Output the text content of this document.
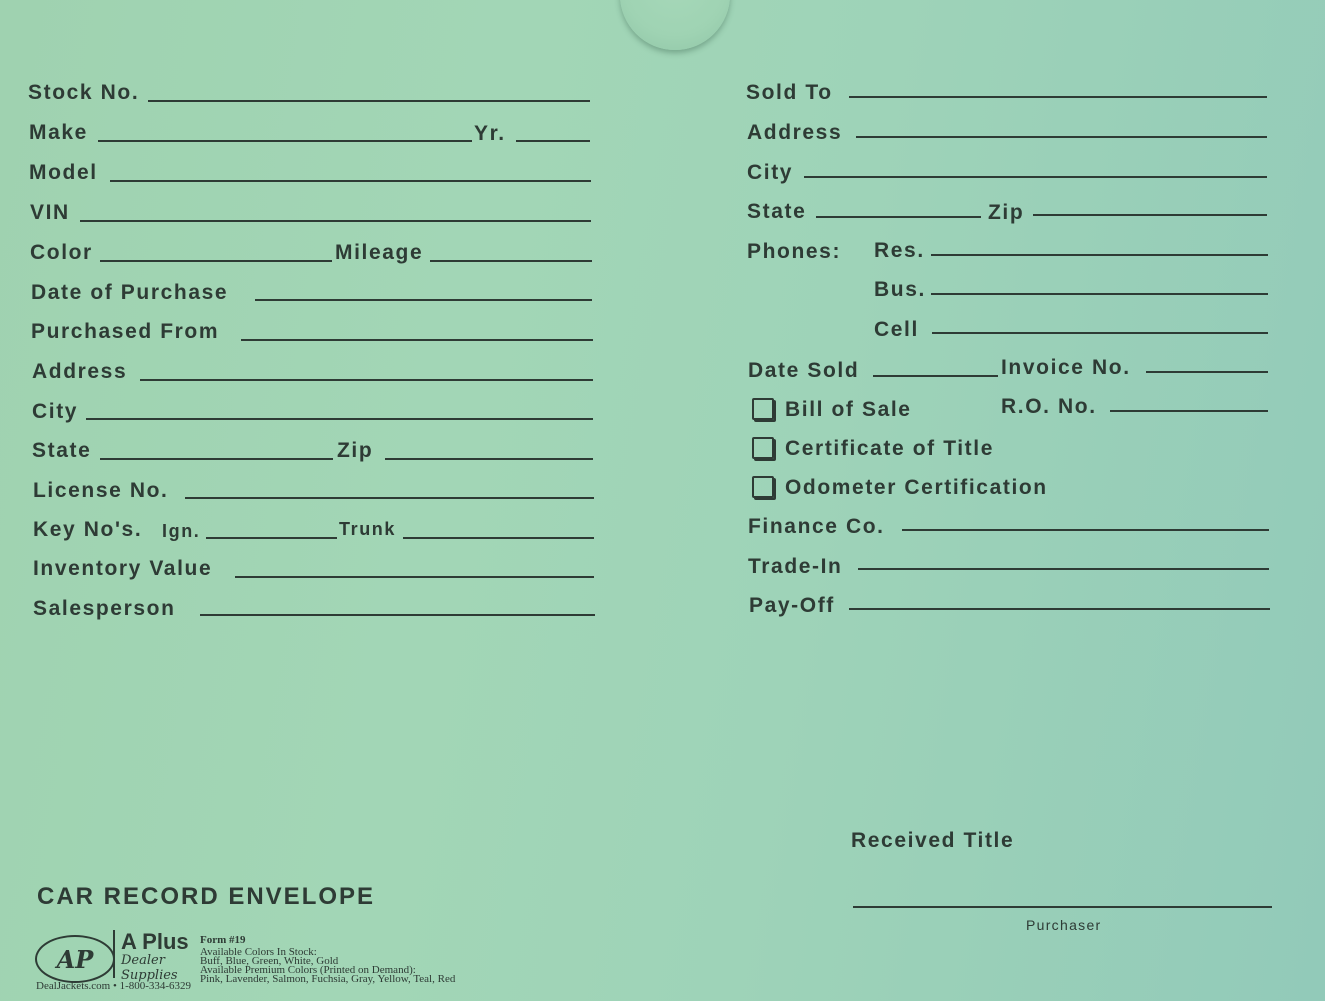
Stock No.
Make	Yr.
Model
VIN
Color	Mileage
Date of Purchase
Purchased From
Address
City
State	Zip
License No.
Key No's. Ign.	Trunk
Inventory Value
Salesperson
Sold To
Address
City
State	Zip
Phones: Res.
Bus.
Cell
Date Sold	Invoice No.
Bill of Sale	R.O. No.
Certificate of Title
Odometer Certification
Finance Co.
Trade-In
Pay-Off
Received Title
Purchaser
CAR RECORD ENVELOPE
AP
A Plus
Dealer Supplies
Form #19
Available Colors In Stock:
Buff, Blue, Green, White, Gold
Available Premium Colors (Printed on Demand):
Pink, Lavender, Salmon, Fuchsia, Gray, Yellow, Teal, Red
DealJackets.com • 1-800-334-6329
